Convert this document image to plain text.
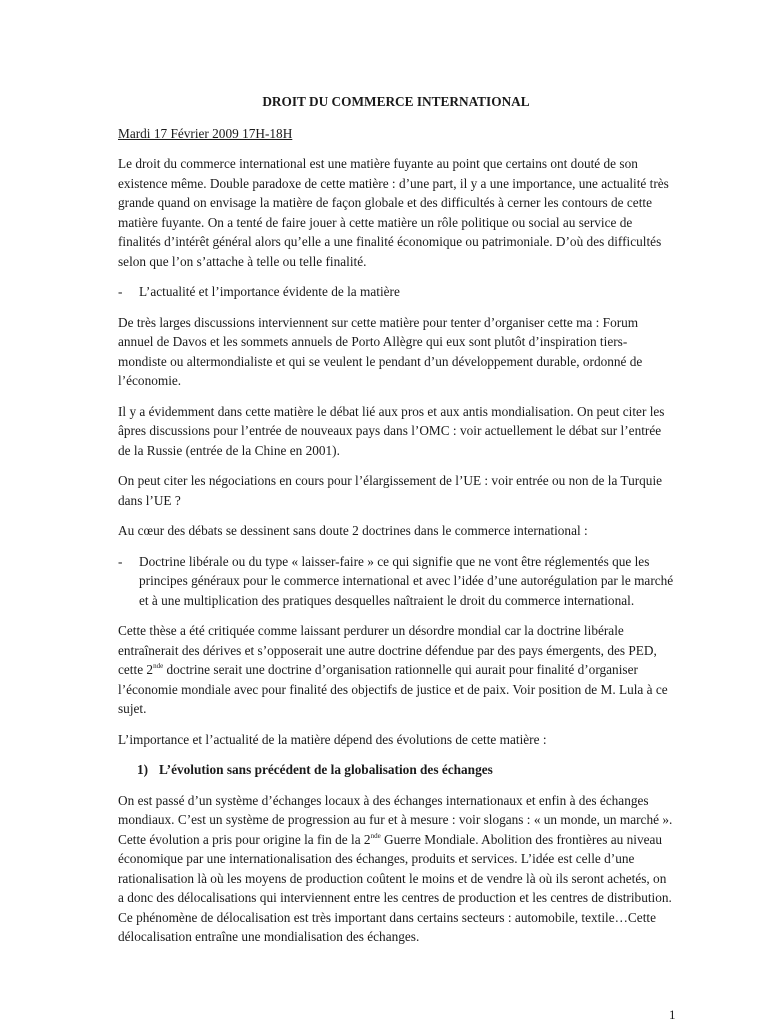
DROIT DU COMMERCE INTERNATIONAL
Mardi 17 Février 2009 17H-18H

Le droit du commerce international est une matière fuyante au point que certains ont douté de son existence même. Double paradoxe de cette matière : d’une part, il y a une importance, une actualité très grande quand on envisage la matière de façon globale et des difficultés à cerner les contours de cette matière fuyante. On a tenté de faire jouer à cette matière un rôle politique ou social au service de finalités d’intérêt général alors qu’elle a une finalité économique ou patrimoniale. D’où des difficultés selon que l’on s’attache à telle ou telle finalité.

-	L’actualité et l’importance évidente de la matière

De très larges discussions interviennent sur cette matière pour tenter d’organiser cette ma : Forum annuel de Davos et les sommets annuels de Porto Allègre qui eux sont plutôt d’inspiration tiers-mondiste ou altermondialiste et qui se veulent le pendant d’un développement durable, ordonné de l’économie.

Il y a évidemment dans cette matière le débat lié aux pros et aux antis mondialisation. On peut citer les âpres discussions pour l’entrée de nouveaux pays dans l’OMC : voir actuellement le débat sur l’entrée de la Russie (entrée de la Chine en 2001).

On peut citer les négociations en cours pour l’élargissement de l’UE : voir entrée ou non de la Turquie dans l’UE ?

Au cœur des débats se dessinent sans doute 2 doctrines dans le commerce international :

-	Doctrine libérale ou du type « laisser-faire » ce qui signifie que ne vont être réglementés que les principes généraux pour le commerce international et avec l’idée d’une autorégulation par le marché et à une multiplication des pratiques desquelles naîtraient le droit du commerce international.

Cette thèse a été critiquée comme laissant perdurer un désordre mondial car la doctrine libérale entraînerait des dérives et s’opposerait une autre doctrine défendue par des pays émergents, des PED, cette 2nde doctrine serait une doctrine d’organisation rationnelle qui aurait pour finalité d’organiser l’économie mondiale avec pour finalité des objectifs de justice et de paix. Voir position de M. Lula à ce sujet.

L’importance et l’actualité de la matière dépend des évolutions de cette matière :

1) L’évolution sans précédent de la globalisation des échanges

On est passé d’un système d’échanges locaux à des échanges internationaux et enfin à des échanges mondiaux. C’est un système de progression au fur et à mesure : voir slogans : « un monde, un marché ». Cette évolution a pris pour origine la fin de la 2nde Guerre Mondiale. Abolition des frontières au niveau économique par une internationalisation des échanges, produits et services. L’idée est celle d’une rationalisation là où les moyens de production coûtent le moins et de vendre là où ils seront achetés, on a donc des délocalisations qui interviennent entre les centres de production et les centres de distribution. Ce phénomène de délocalisation est très important dans certains secteurs : automobile, textile…Cette délocalisation entraîne une mondialisation des échanges.

1
